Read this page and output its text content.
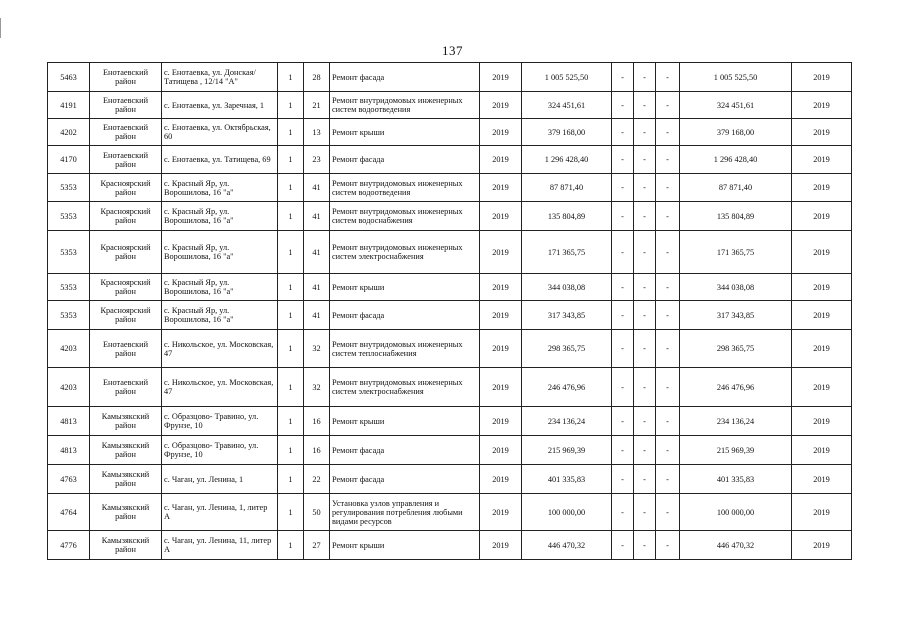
137
5463	Енотаевский район	с. Енотаевка, ул. Донская/Татищева , 12/14 "А"	1	28	Ремонт фасада	2019	1 005 525,50	-	-	-	1 005 525,50	2019
4191	Енотаевский район	с. Енотаевка, ул. Заречная, 1	1	21	Ремонт внутридомовых инженерных систем водоотведения	2019	324 451,61	-	-	-	324 451,61	2019
4202	Енотаевский район	с. Енотаевка, ул. Октябрьская, 60	1	13	Ремонт крыши	2019	379 168,00	-	-	-	379 168,00	2019
4170	Енотаевский район	с. Енотаевка, ул. Татищева, 69	1	23	Ремонт фасада	2019	1 296 428,40	-	-	-	1 296 428,40	2019
5353	Красноярский район	с. Красный Яр, ул. Ворошилова, 16 "а"	1	41	Ремонт внутридомовых инженерных систем водоотведения	2019	87 871,40	-	-	-	87 871,40	2019
5353	Красноярский район	с. Красный Яр, ул. Ворошилова, 16 "а"	1	41	Ремонт внутридомовых инженерных систем водоснабжения	2019	135 804,89	-	-	-	135 804,89	2019
5353	Красноярский район	с. Красный Яр, ул. Ворошилова, 16 "а"	1	41	Ремонт внутридомовых инженерных систем электроснабжения	2019	171 365,75	-	-	-	171 365,75	2019
5353	Красноярский район	с. Красный Яр, ул. Ворошилова, 16 "а"	1	41	Ремонт крыши	2019	344 038,08	-	-	-	344 038,08	2019
5353	Красноярский район	с. Красный Яр, ул. Ворошилова, 16 "а"	1	41	Ремонт фасада	2019	317 343,85	-	-	-	317 343,85	2019
4203	Енотаевский район	с. Никольское, ул. Московская, 47	1	32	Ремонт внутридомовых инженерных систем теплоснабжения	2019	298 365,75	-	-	-	298 365,75	2019
4203	Енотаевский район	с. Никольское, ул. Московская, 47	1	32	Ремонт внутридомовых инженерных систем электроснабжения	2019	246 476,96	-	-	-	246 476,96	2019
4813	Камызякский район	с. Образцово- Травино, ул. Фрунзе, 10	1	16	Ремонт крыши	2019	234 136,24	-	-	-	234 136,24	2019
4813	Камызякский район	с. Образцово- Травино, ул. Фрунзе, 10	1	16	Ремонт фасада	2019	215 969,39	-	-	-	215 969,39	2019
4763	Камызякский район	с. Чаган, ул. Ленина, 1	1	22	Ремонт фасада	2019	401 335,83	-	-	-	401 335,83	2019
4764	Камызякский район	с. Чаган, ул. Ленина, 1, литер А	1	50	Установка узлов управления и регулирования потребления любыми видами ресурсов	2019	100 000,00	-	-	-	100 000,00	2019
4776	Камызякский район	с. Чаган, ул. Ленина, 11, литер А	1	27	Ремонт крыши	2019	446 470,32	-	-	-	446 470,32	2019
